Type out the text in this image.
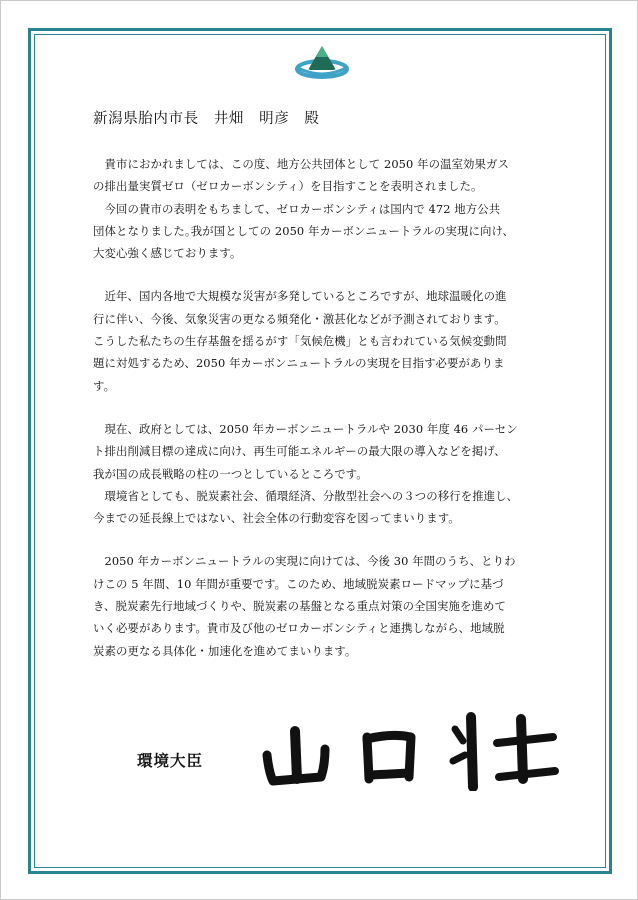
新潟県胎内市長　井畑　明彦　殿
　貴市におかれましては、この度、地方公共団体として 2050 年の温室効果ガス
の排出量実質ゼロ（ゼロカーボンシティ）を目指すことを表明されました。
　今回の貴市の表明をもちまして、ゼロカーボンシティは国内で 472 地方公共
団体となりました｡我が国としての 2050 年カーボンニュートラルの実現に向け、
大変心強く感じております。
　近年、国内各地で大規模な災害が多発しているところですが、地球温暖化の進
行に伴い、今後、気象災害の更なる頻発化・激甚化などが予測されております。
こうした私たちの生存基盤を揺るがす「気候危機」とも言われている気候変動問
題に対処するため、2050 年カーボンニュートラルの実現を目指す必要がありま
す。
　現在、政府としては、2050 年カーボンニュートラルや 2030 年度 46 パーセン
ト排出削減目標の達成に向け、再生可能エネルギーの最大限の導入などを掲げ、
我が国の成長戦略の柱の一つとしているところです。
　環境省としても、脱炭素社会、循環経済、分散型社会への３つの移行を推進し、
今までの延長線上ではない、社会全体の行動変容を図ってまいります。
　2050 年カーボンニュートラルの実現に向けては、今後 30 年間のうち、とりわ
けこの 5 年間、10 年間が重要です。このため、地域脱炭素ロードマップに基づ
き、脱炭素先行地域づくりや、脱炭素の基盤となる重点対策の全国実施を進めて
いく必要があります。貴市及び他のゼロカーボンシティと連携しながら、地域脱
炭素の更なる具体化・加速化を進めてまいります。
環境大臣
